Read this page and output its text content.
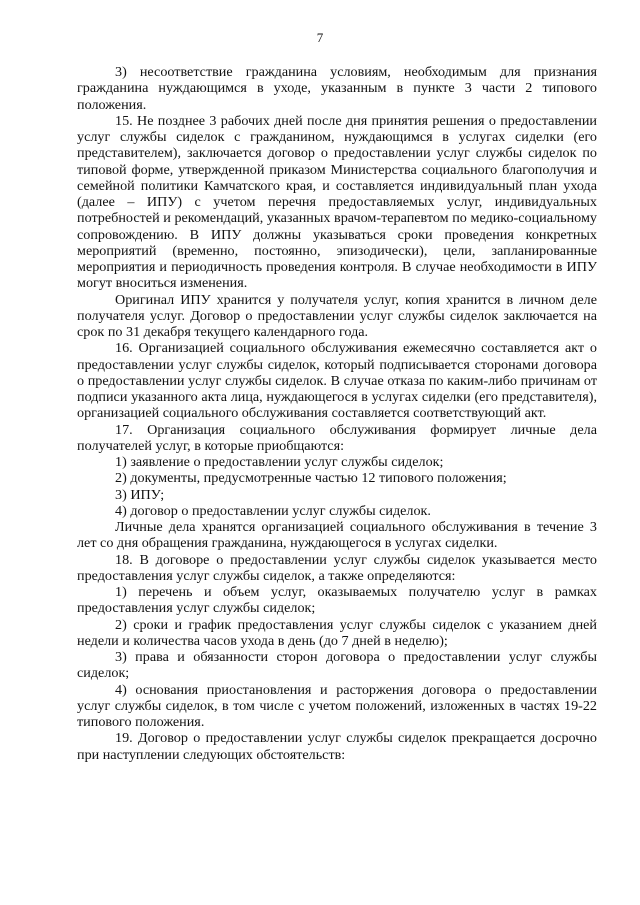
7

3) несоответствие гражданина условиям, необходимым для признания гражданина нуждающимся в уходе, указанным в пункте 3 части 2 типового положения.

15. Не позднее 3 рабочих дней после дня принятия решения о предоставлении услуг службы сиделок с гражданином, нуждающимся в услугах сиделки (его представителем), заключается договор о предоставлении услуг службы сиделок по типовой форме, утвержденной приказом Министерства социального благополучия и семейной политики Камчатского края, и составляется индивидуальный план ухода (далее – ИПУ) с учетом перечня предоставляемых услуг, индивидуальных потребностей и рекомендаций, указанных врачом-терапевтом по медико-социальному сопровождению. В ИПУ должны указываться сроки проведения конкретных мероприятий (временно, постоянно, эпизодически), цели, запланированные мероприятия и периодичность проведения контроля. В случае необходимости в ИПУ могут вноситься изменения.

Оригинал ИПУ хранится у получателя услуг, копия хранится в личном деле получателя услуг. Договор о предоставлении услуг службы сиделок заключается на срок по 31 декабря текущего календарного года.

16. Организацией социального обслуживания ежемесячно составляется акт о предоставлении услуг службы сиделок, который подписывается сторонами договора о предоставлении услуг службы сиделок. В случае отказа по каким-либо причинам от подписи указанного акта лица, нуждающегося в услугах сиделки (его представителя), организацией социального обслуживания составляется соответствующий акт.

17. Организация социального обслуживания формирует личные дела получателей услуг, в которые приобщаются:

1) заявление о предоставлении услуг службы сиделок;

2) документы, предусмотренные частью 12 типового положения;

3) ИПУ;

4) договор о предоставлении услуг службы сиделок.

Личные дела хранятся организацией социального обслуживания в течение 3 лет со дня обращения гражданина, нуждающегося в услугах сиделки.

18. В договоре о предоставлении услуг службы сиделок указывается место предоставления услуг службы сиделок, а также определяются:

1) перечень и объем услуг, оказываемых получателю услуг в рамках предоставления услуг службы сиделок;

2) сроки и график предоставления услуг службы сиделок с указанием дней недели и количества часов ухода в день (до 7 дней в неделю);

3) права и обязанности сторон договора о предоставлении услуг службы сиделок;

4) основания приостановления и расторжения договора о предоставлении услуг службы сиделок, в том числе с учетом положений, изложенных в частях 19-22 типового положения.

19. Договор о предоставлении услуг службы сиделок прекращается досрочно при наступлении следующих обстоятельств:
